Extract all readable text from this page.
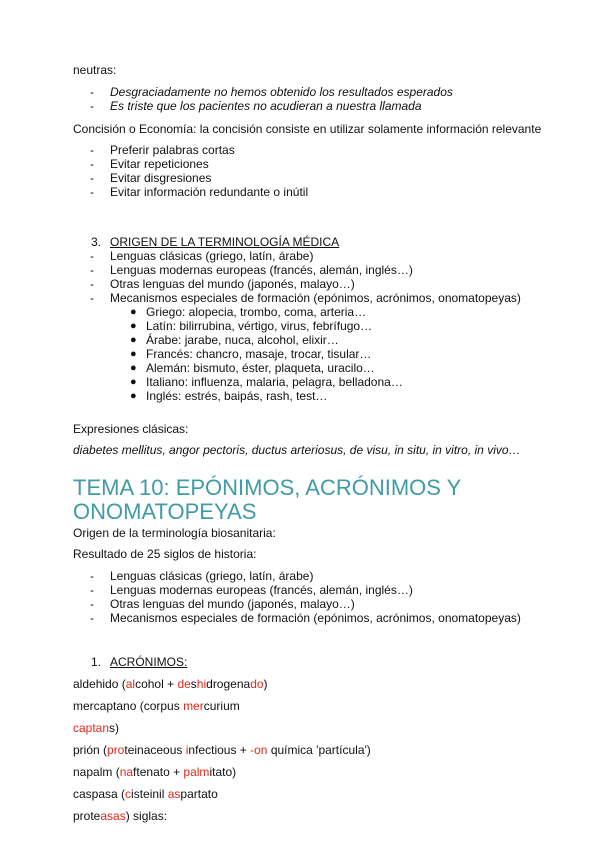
neutras:
- Desgraciadamente no hemos obtenido los resultados esperados
- Es triste que los pacientes no acudieran a nuestra llamada
Concisión o Economía: la concisión consiste en utilizar solamente información relevante
- Preferir palabras cortas
- Evitar repeticiones
- Evitar disgresiones
- Evitar información redundante o inútil
3. ORIGEN DE LA TERMINOLOGÍA MÉDICA
- Lenguas clásicas (griego, latín, árabe)
- Lenguas modernas europeas (francés, alemán, inglés…)
- Otras lenguas del mundo (japonés, malayo…)
- Mecanismos especiales de formación (epónimos, acrónimos, onomatopeyas)
● Griego: alopecia, trombo, coma, arteria…
● Latín: bilirrubina, vértigo, virus, febrífugo…
● Árabe: jarabe, nuca, alcohol, elixir…
● Francés: chancro, masaje, trocar, tisular…
● Alemán: bismuto, éster, plaqueta, uracilo…
● Italiano: influenza, malaria, pelagra, belladona…
● Inglés: estrés, baipás, rash, test…
Expresiones clásicas:
diabetes mellitus, angor pectoris, ductus arteriosus, de visu, in situ, in vitro, in vivo…
TEMA 10: EPÓNIMOS, ACRÓNIMOS Y
ONOMATOPEYAS
Origen de la terminología biosanitaria:
Resultado de 25 siglos de historia:
- Lenguas clásicas (griego, latín, árabe)
- Lenguas modernas europeas (francés, alemán, inglés…)
- Otras lenguas del mundo (japonés, malayo…)
- Mecanismos especiales de formación (epónimos, acrónimos, onomatopeyas)
1. ACRÓNIMOS:
aldehido (alcohol + deshidrogenado)
mercaptano (corpus mercurium
captans)
prión (proteinaceous infectious + -on química 'partícula')
napalm (naftenato + palmitato)
caspasa (cisteinil aspartato
proteasas) siglas:
